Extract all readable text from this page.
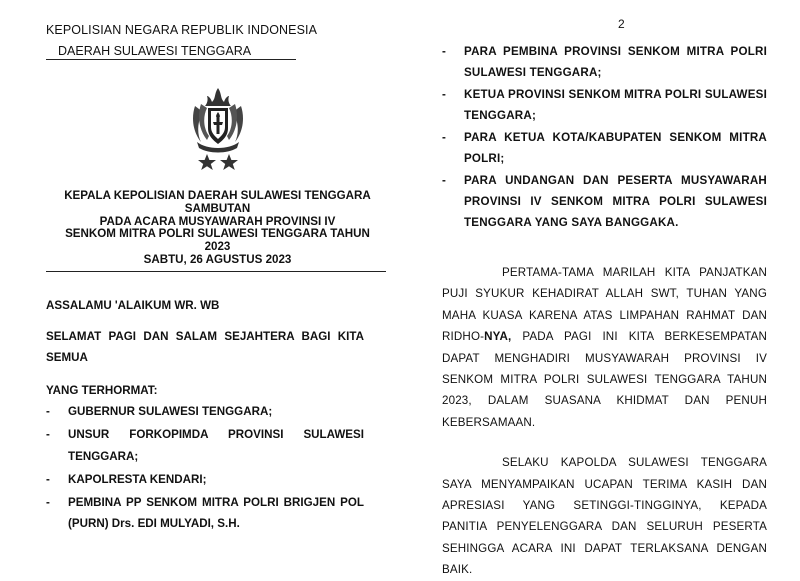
KEPOLISIAN NEGARA REPUBLIK INDONESIA
DAERAH SULAWESI TENGGARA
KEPALA KEPOLISIAN DAERAH SULAWESI TENGGARA
SAMBUTAN
PADA ACARA MUSYAWARAH PROVINSI IV
SENKOM MITRA POLRI SULAWESI TENGGARA TAHUN
2023
SABTU, 26 AGUSTUS 2023
ASSALAMU 'ALAIKUM WR. WB
SELAMAT PAGI DAN SALAM SEJAHTERA BAGI KITA SEMUA
YANG TERHORMAT:
- GUBERNUR SULAWESI TENGGARA;
- UNSUR FORKOPIMDA PROVINSI SULAWESI TENGGARA;
- KAPOLRESTA KENDARI;
- PEMBINA PP SENKOM MITRA POLRI BRIGJEN POL (PURN) Drs. EDI MULYADI, S.H.
2
- PARA PEMBINA PROVINSI SENKOM MITRA POLRI SULAWESI TENGGARA;
- KETUA PROVINSI SENKOM MITRA POLRI SULAWESI TENGGARA;
- PARA KETUA KOTA/KABUPATEN SENKOM MITRA POLRI;
- PARA UNDANGAN DAN PESERTA MUSYAWARAH PROVINSI IV SENKOM MITRA POLRI SULAWESI TENGGARA YANG SAYA BANGGAKA.
PERTAMA-TAMA MARILAH KITA PANJATKAN PUJI SYUKUR KEHADIRAT ALLAH SWT, TUHAN YANG MAHA KUASA KARENA ATAS LIMPAHAN RAHMAT DAN RIDHO-NYA, PADA PAGI INI KITA BERKESEMPATAN DAPAT MENGHADIRI MUSYAWARAH PROVINSI IV SENKOM MITRA POLRI SULAWESI TENGGARA TAHUN 2023, DALAM SUASANA KHIDMAT DAN PENUH KEBERSAMAAN.
SELAKU KAPOLDA SULAWESI TENGGARA SAYA MENYAMPAIKAN UCAPAN TERIMA KASIH DAN APRESIASI YANG SETINGGI-TINGGINYA, KEPADA PANITIA PENYELENGGARA DAN SELURUH PESERTA SEHINGGA ACARA INI DAPAT TERLAKSANA DENGAN BAIK.
